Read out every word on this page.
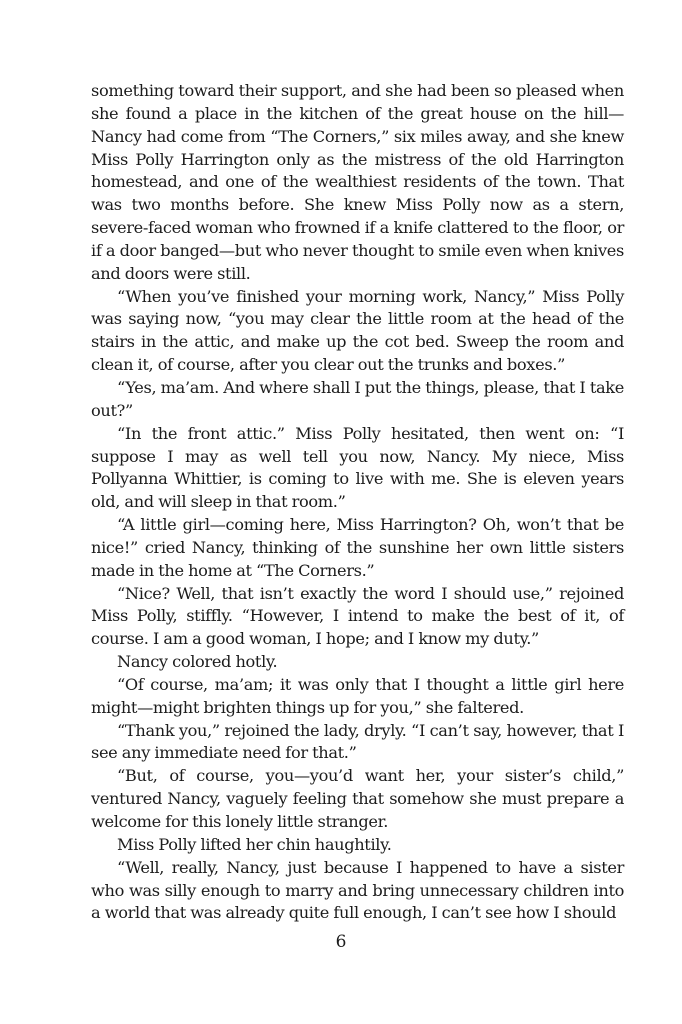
something toward their support, and she had been so pleased when she found a place in the kitchen of the great house on the hill—Nancy had come from “The Corners,” six miles away, and she knew Miss Polly Harrington only as the mistress of the old Harrington homestead, and one of the wealthiest residents of the town. That was two months before. She knew Miss Polly now as a stern, severe-faced woman who frowned if a knife clattered to the floor, or if a door banged—but who never thought to smile even when knives and doors were still.

“When you’ve finished your morning work, Nancy,” Miss Polly was saying now, “you may clear the little room at the head of the stairs in the attic, and make up the cot bed. Sweep the room and clean it, of course, after you clear out the trunks and boxes.”

“Yes, ma’am. And where shall I put the things, please, that I take out?”

“In the front attic.” Miss Polly hesitated, then went on: “I suppose I may as well tell you now, Nancy. My niece, Miss Pollyanna Whittier, is coming to live with me. She is eleven years old, and will sleep in that room.”

“A little girl—coming here, Miss Harrington? Oh, won’t that be nice!” cried Nancy, thinking of the sunshine her own little sisters made in the home at “The Corners.”

“Nice? Well, that isn’t exactly the word I should use,” rejoined Miss Polly, stiffly. “However, I intend to make the best of it, of course. I am a good woman, I hope; and I know my duty.”

Nancy colored hotly.

“Of course, ma’am; it was only that I thought a little girl here might—might brighten things up for you,” she faltered.

“Thank you,” rejoined the lady, dryly. “I can’t say, however, that I see any immediate need for that.”

“But, of course, you—you’d want her, your sister’s child,” ventured Nancy, vaguely feeling that somehow she must prepare a welcome for this lonely little stranger.

Miss Polly lifted her chin haughtily.

“Well, really, Nancy, just because I happened to have a sister who was silly enough to marry and bring unnecessary children into a world that was already quite full enough, I can’t see how I should

6
